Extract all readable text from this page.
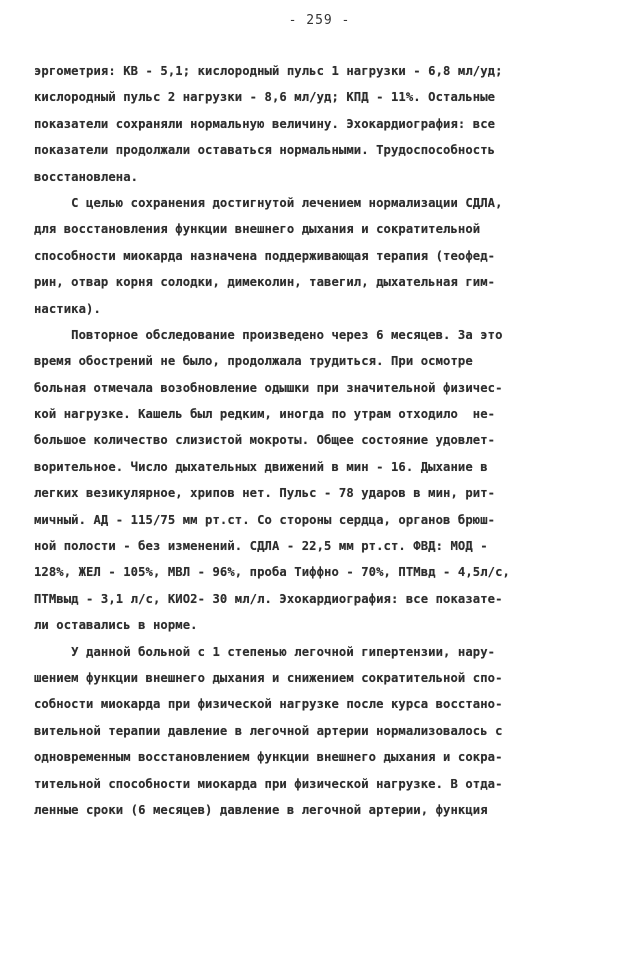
- 259 -
эргометрия: КВ - 5,1; кислородный пульс 1 нагрузки - 6,8 мл/уд;
кислородный пульс 2 нагрузки - 8,6 мл/уд; КПД - 11%. Остальные
показатели сохраняли нормальную величину. Эхокардиография: все
показатели продолжали оставаться нормальными. Трудоспособность
восстановлена.
С целью сохранения достигнутой лечением нормализации СДЛА,
для восстановления функции внешнего дыхания и сократительной
способности миокарда назначена поддерживающая терапия (теофед-
рин, отвар корня солодки, димеколин, тавегил, дыхательная гим-
настика).
Повторное обследование произведено через 6 месяцев. За это
время обострений не было, продолжала трудиться. При осмотре
больная отмечала возобновление одышки при значительной физичес-
кой нагрузке. Кашель был редким, иногда по утрам отходило  не-
большое количество слизистой мокроты. Общее состояние удовлет-
ворительное. Число дыхательных движений в мин - 16. Дыхание в
легких везикулярное, хрипов нет. Пульс - 78 ударов в мин, рит-
мичный. АД - 115/75 мм рт.ст. Со стороны сердца, органов брюш-
ной полости - без изменений. СДЛА - 22,5 мм рт.ст. ФВД: МОД -
128%, ЖЕЛ - 105%, МВЛ - 96%, проба Тиффно - 70%, ПТМвд - 4,5л/с,
ПТМвыд - 3,1 л/с, КИО2- 30 мл/л. Эхокардиография: все показате-
ли оставались в норме.
У данной больной с 1 степенью легочной гипертензии, нару-
шением функции внешнего дыхания и снижением сократительной спо-
собности миокарда при физической нагрузке после курса восстано-
вительной терапии давление в легочной артерии нормализовалось с
одновременным восстановлением функции внешнего дыхания и сокра-
тительной способности миокарда при физической нагрузке. В отда-
ленные сроки (6 месяцев) давление в легочной артерии, функция
